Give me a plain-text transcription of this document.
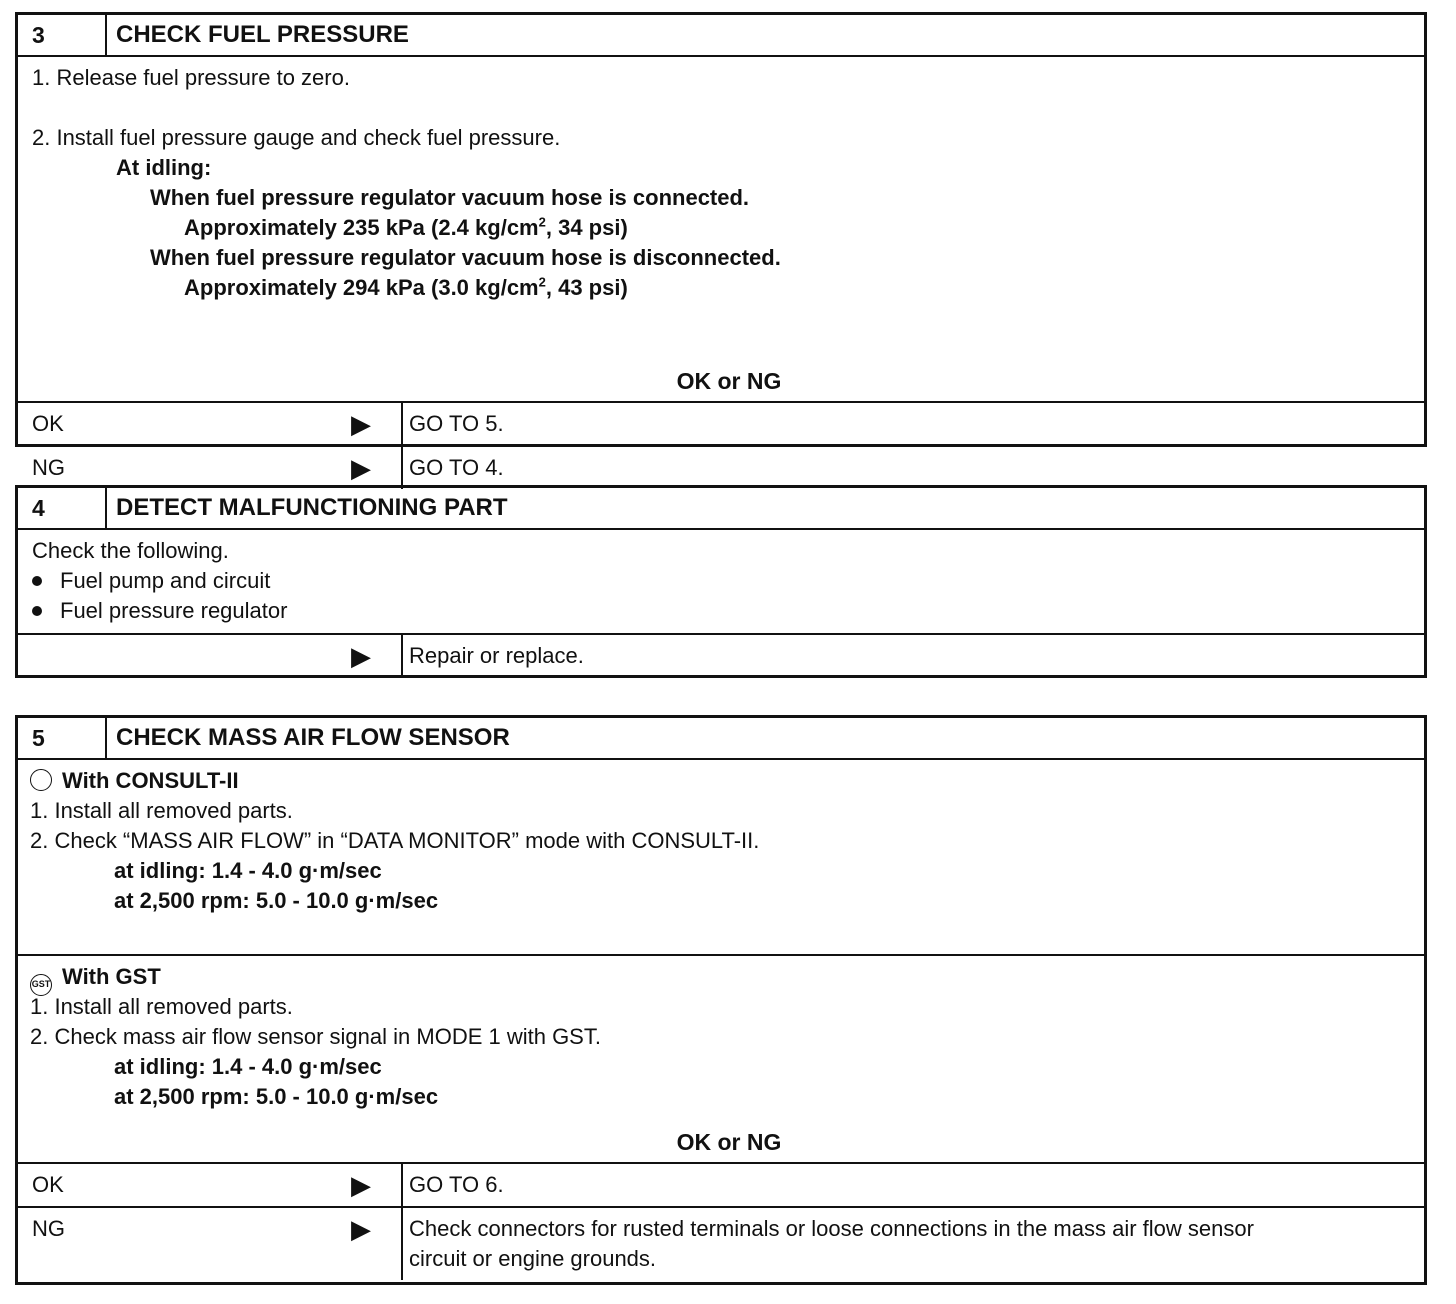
3	CHECK FUEL PRESSURE
1. Release fuel pressure to zero.
2. Install fuel pressure gauge and check fuel pressure.
At idling:
When fuel pressure regulator vacuum hose is connected.
Approximately 235 kPa (2.4 $kg/cm^2$, 34 psi)
When fuel pressure regulator vacuum hose is disconnected.
Approximately 294 kPa (3.0 $kg/cm^2$, 43 psi)
OK or NG
OK	▶ GO TO 5.
NG	▶ GO TO 4.
4	DETECT MALFUNCTIONING PART
Check the following.
Fuel pump and circuit
Fuel pressure regulator
▶ Repair or replace.
5	CHECK MASS AIR FLOW SENSOR
With CONSULT-II
1. Install all removed parts.
2. Check “MASS AIR FLOW” in “DATA MONITOR” mode with CONSULT-II.
at idling: 1.4 - 4.0 g·m/sec
at 2,500 rpm: 5.0 - 10.0 g·m/sec
GST With GST
1. Install all removed parts.
2. Check mass air flow sensor signal in MODE 1 with GST.
at idling: 1.4 - 4.0 g·m/sec
at 2,500 rpm: 5.0 - 10.0 g·m/sec
OK or NG
OK	▶ GO TO 6.
NG	▶ Check connectors for rusted terminals or loose connections in the mass air flow sensor
circuit or engine grounds.
